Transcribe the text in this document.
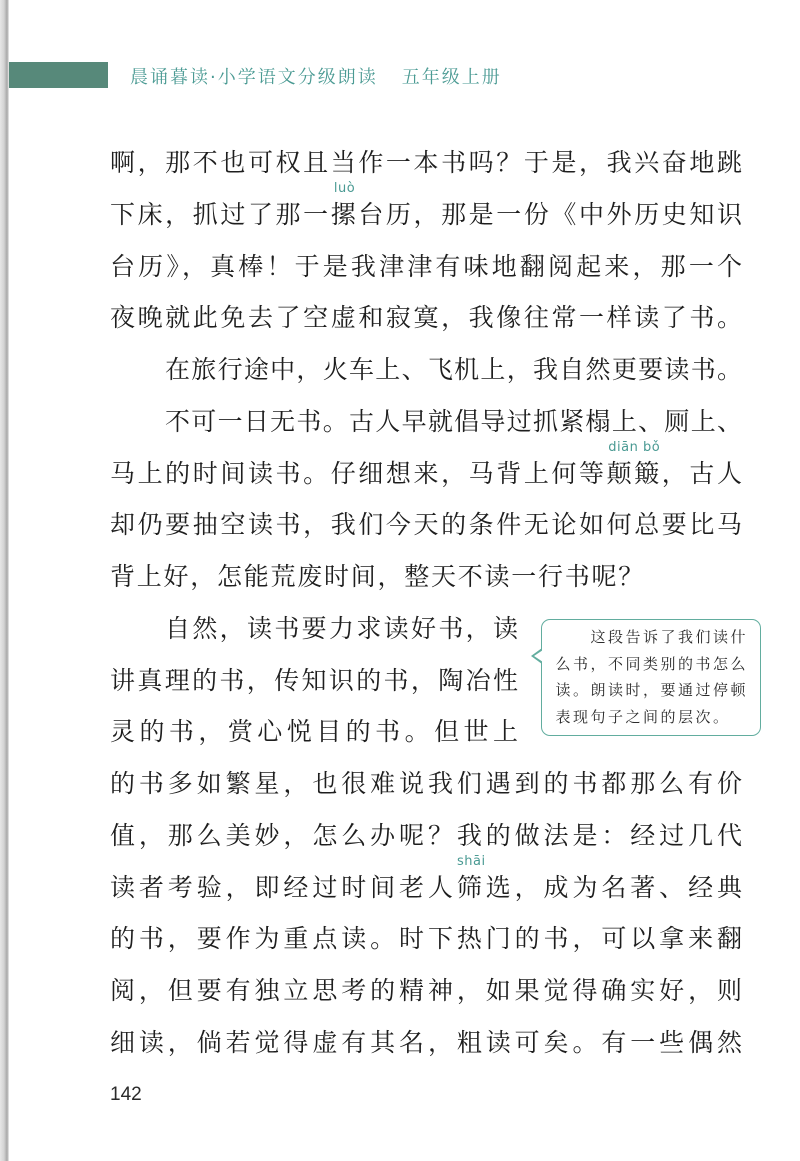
晨诵暮读·小学语文分级朗读 五年级上册
啊，那不也可权且当作一本书吗？于是，我兴奋地跳
下床，抓过了那一摞
luò
台历，那是一份《中外历史知识
台历》，真棒！于是我津津有味地翻阅起来，那一个
夜晚就此免去了空虚和寂寞，我像往常一样读了书。
在旅行途中，火车上、飞机上，我自然更要读书。
不可一日无书。古人早就倡导过抓紧榻上、厕上、
马上的时间读书。仔细想来，马背上何等颠簸
diān bǒ
，古人
却仍要抽空读书，我们今天的条件无论如何总要比马
背上好，怎能荒废时间，整天不读一行书呢？
自然，读书要力求读好书，读
讲真理的书，传知识的书，陶冶性
灵的书，赏心悦目的书。但世上
的书多如繁星，也很难说我们遇到的书都那么有价
值，那么美妙，怎么办呢？我的做法是：经过几代
读者考验，即经过时间老人筛
shāi
选，成为名著、经典
的书，要作为重点读。时下热门的书，可以拿来翻
阅，但要有独立思考的精神，如果觉得确实好，则
细读，倘若觉得虚有其名，粗读可矣。有一些偶然
这段告诉了我们读什
么书，不同类别的书怎么
读。朗读时，要通过停顿
表现句子之间的层次。
142
